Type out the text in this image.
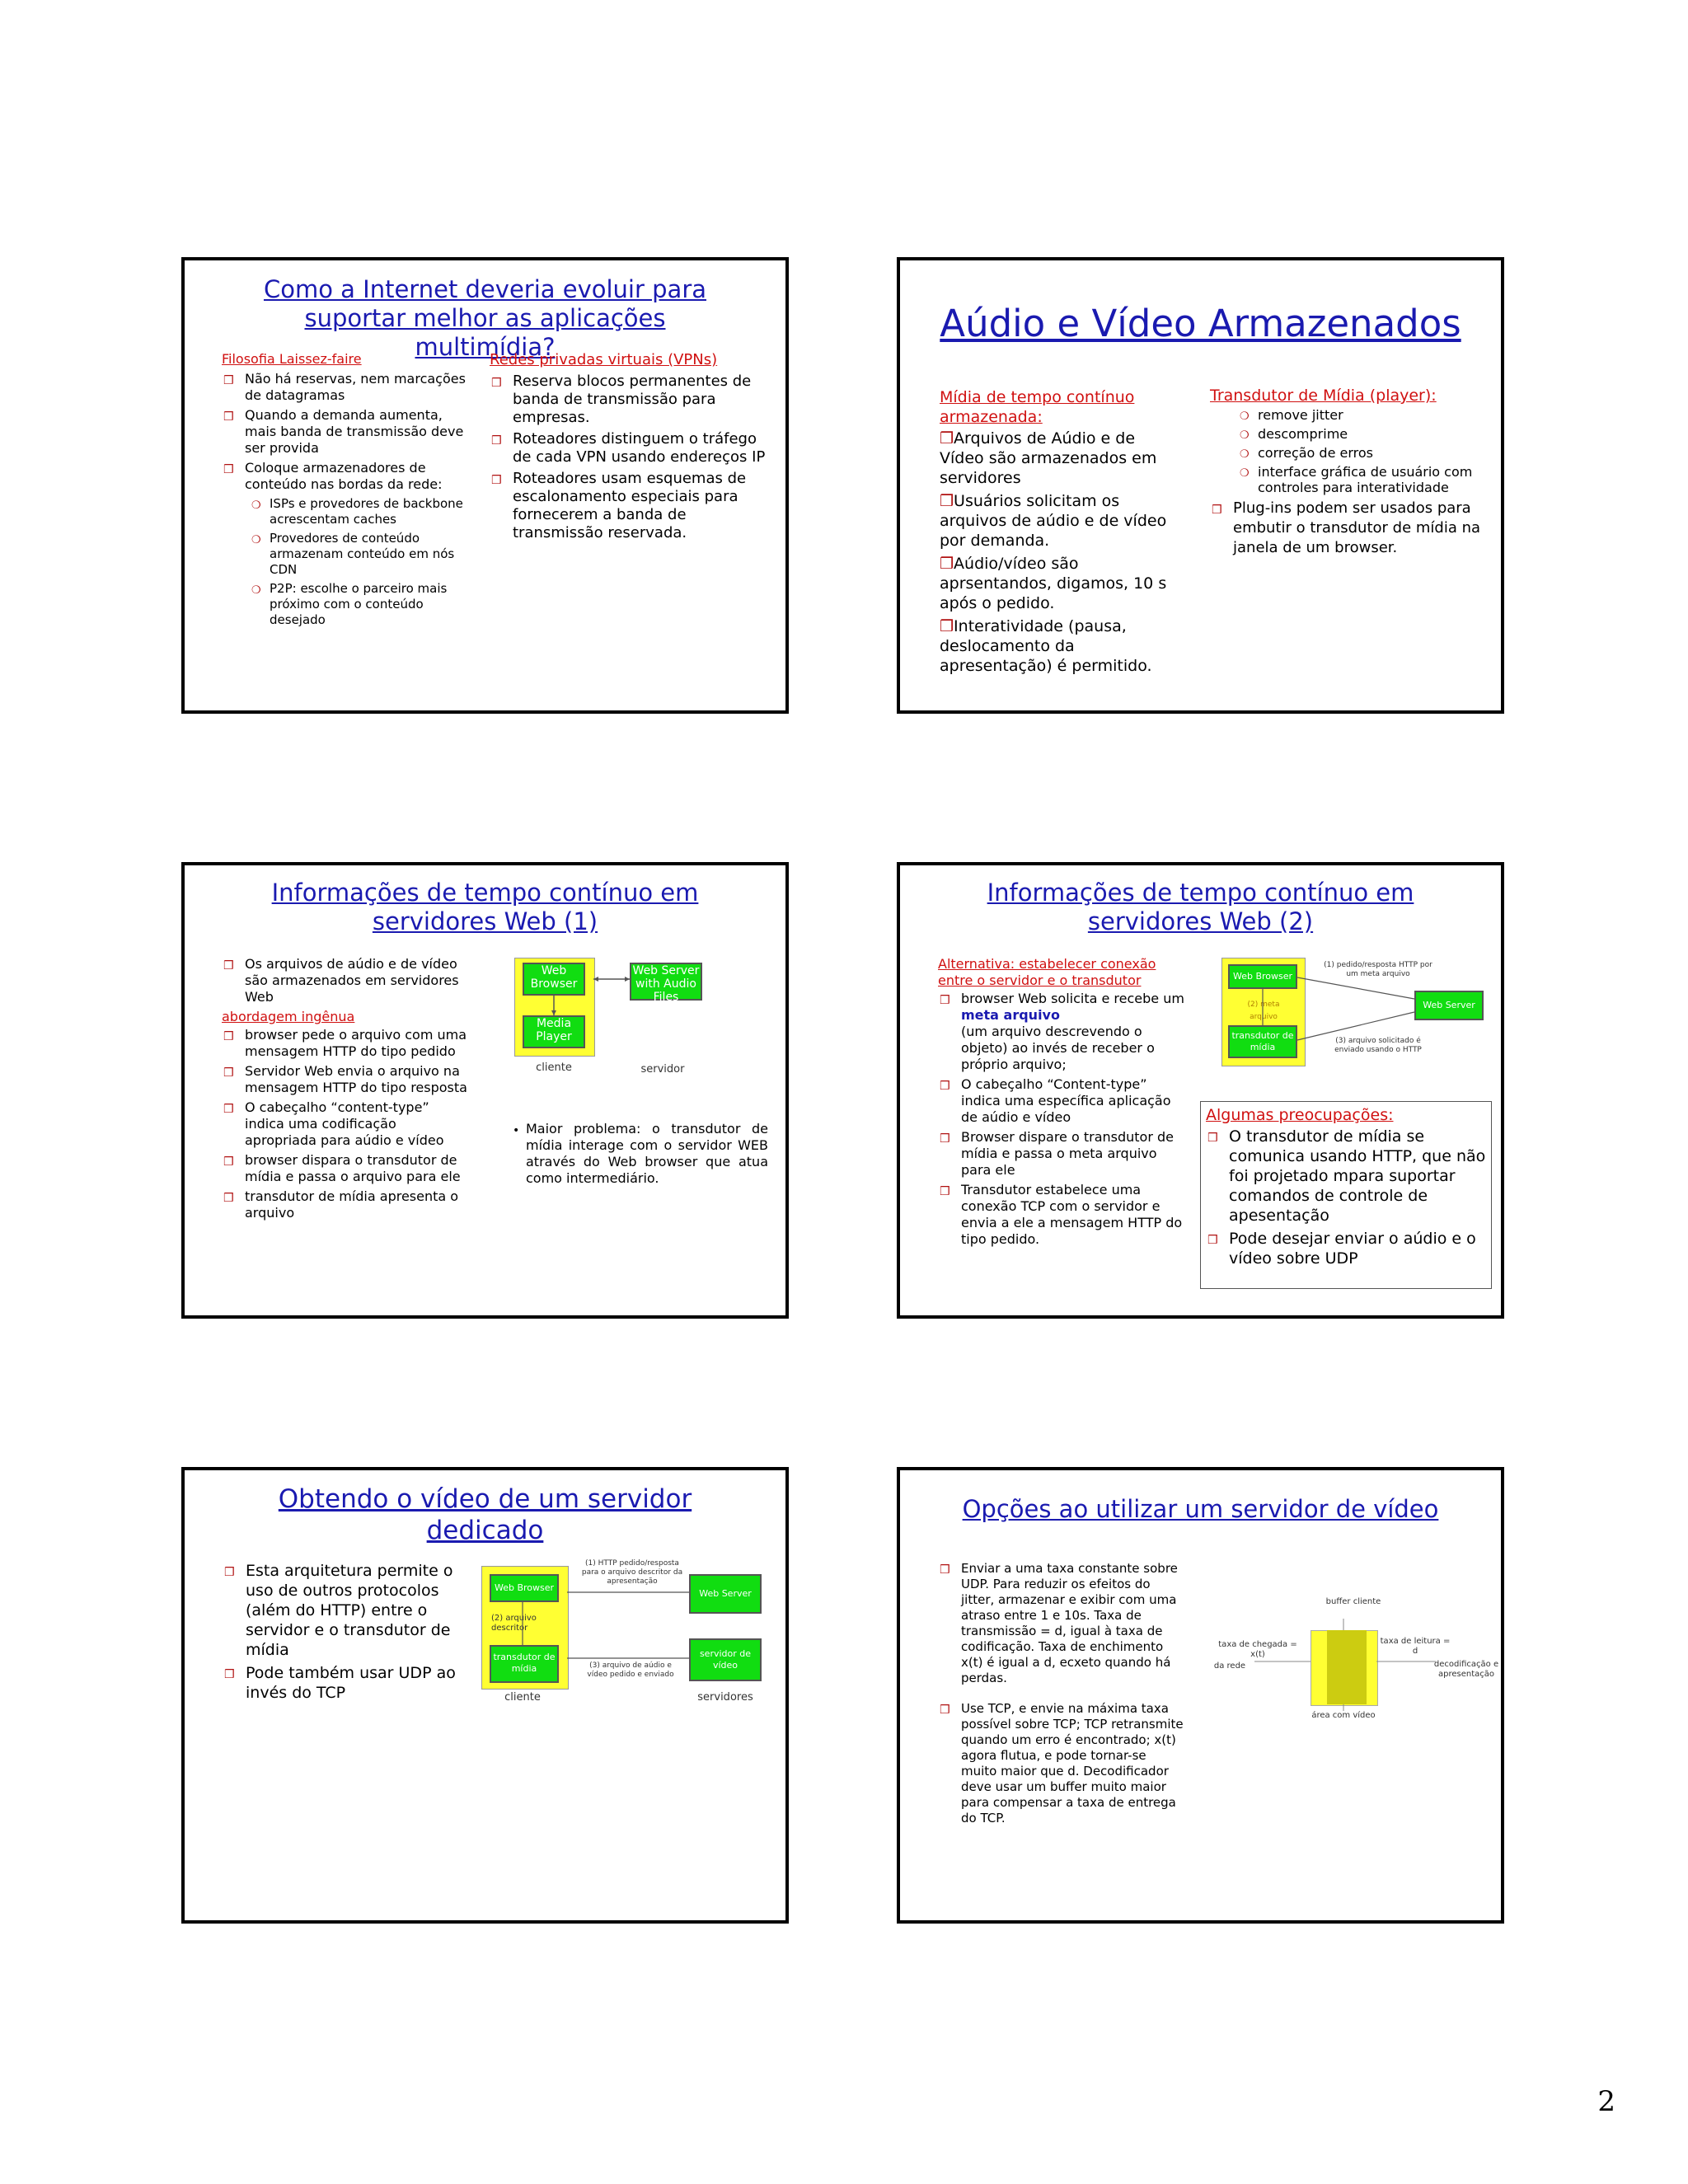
Como a Internet deveria evoluir para suportar melhor as aplicações multimídia?
Filosofia Laissez-faire
❒ Não há reservas, nem marcações de datagramas
❒ Quando a demanda aumenta, mais banda de transmissão deve ser provida
❒ Coloque armazenadores de conteúdo nas bordas da rede:
❍ ISPs e provedores de backbone acrescentam caches
❍ Provedores de conteúdo armazenam conteúdo em nós CDN
❍ P2P: escolhe o parceiro mais próximo com o conteúdo desejado
Redes privadas virtuais (VPNs)
❒ Reserva blocos permanentes de banda de transmissão para empresas.
❒ Roteadores distinguem o tráfego de cada VPN usando endereços IP
❒ Roteadores usam esquemas de escalonamento especiais para fornecerem a banda de transmissão reservada.
Aúdio e Vídeo Armazenados
Mídia de tempo contínuo armazenada:
❒Arquivos de Aúdio e de Vídeo são armazenados em servidores
❒Usuários solicitam os arquivos de aúdio e de vídeo por demanda.
❒Aúdio/vídeo são aprsentandos, digamos, 10 s após o pedido.
❒Interatividade (pausa, deslocamento da apresentação) é permitido.
Transdutor de Mídia (player):
❍ remove jitter
❍ descomprime
❍ correção de erros
❍ interface gráfica de usuário com controles para interatividade
❒ Plug-ins podem ser usados para embutir o transdutor de mídia na janela de um browser.
Informações de tempo contínuo em servidores Web (1)
❒ Os arquivos de aúdio e de vídeo são armazenados em servidores Web
abordagem ingênua
❒ browser pede o arquivo com uma mensagem HTTP do tipo pedido
❒ Servidor Web envia o arquivo na mensagem HTTP do tipo resposta
❒ O cabeçalho “content-type” indica uma codificação apropriada para aúdio e vídeo
❒ browser dispara o transdutor de mídia e passa o arquivo para ele
❒ transdutor de mídia apresenta o arquivo
Web Browser
Media Player
Web Server with Audio Files
cliente	servidor
• Maior problema: o transdutor de mídia interage com o servidor WEB através do Web browser que atua como intermediário.
Informações de tempo contínuo em servidores Web (2)
Alternativa: estabelecer conexão entre o servidor e o transdutor
❒ browser Web solicita e recebe um meta arquivo
(um arquivo descrevendo o objeto) ao invés de receber o próprio arquivo;
❒ O cabeçalho “Content-type” indica uma específica aplicação de aúdio e vídeo
❒ Browser dispare o transdutor de mídia e passa o meta arquivo para ele
❒ Transdutor estabelece uma conexão TCP com o servidor e envia a ele a mensagem HTTP do tipo pedido.
Web Browser
transdutor de mídia
Web Server
(2) meta arquivo
(1) pedido/resposta HTTP por um meta arquivo
(3) arquivo solicitado é enviado usando o HTTP
Algumas preocupações:
❒ O transdutor de mídia se comunica usando HTTP, que não foi projetado mpara suportar comandos de controle de apesentação
❒ Pode desejar enviar o aúdio e o vídeo sobre UDP
Obtendo o vídeo de um servidor dedicado
❒ Esta arquitetura permite o uso de outros protocolos (além do HTTP) entre o servidor e o transdutor de mídia
❒ Pode também usar UDP ao invés do TCP
Web Browser
transdutor de mídia
Web Server
servidor de vídeo
(2) arquivo descritor
(1) HTTP pedido/resposta para o arquivo descritor da apresentação
(3) arquivo de aúdio e vídeo pedido e enviado
cliente	servidores
Opções ao utilizar um servidor de vídeo
❒ Enviar a uma taxa constante sobre UDP. Para reduzir os efeitos do jitter, armazenar e exibir com uma atraso entre 1 e 10s. Taxa de transmissão = d, igual à taxa de codificação. Taxa de enchimento x(t) é igual a d, ecxeto quando há perdas.
❒ Use TCP, e envie na máxima taxa possível sobre TCP; TCP retransmite quando um erro é encontrado; x(t) agora flutua, e pode tornar-se muito maior que d. Decodificador deve usar um buffer muito maior para compensar a taxa de entrega do TCP.
buffer cliente
taxa de chegada = x(t)
da rede
taxa de leitura = d
decodificação e apresentação
área com vídeo
2
